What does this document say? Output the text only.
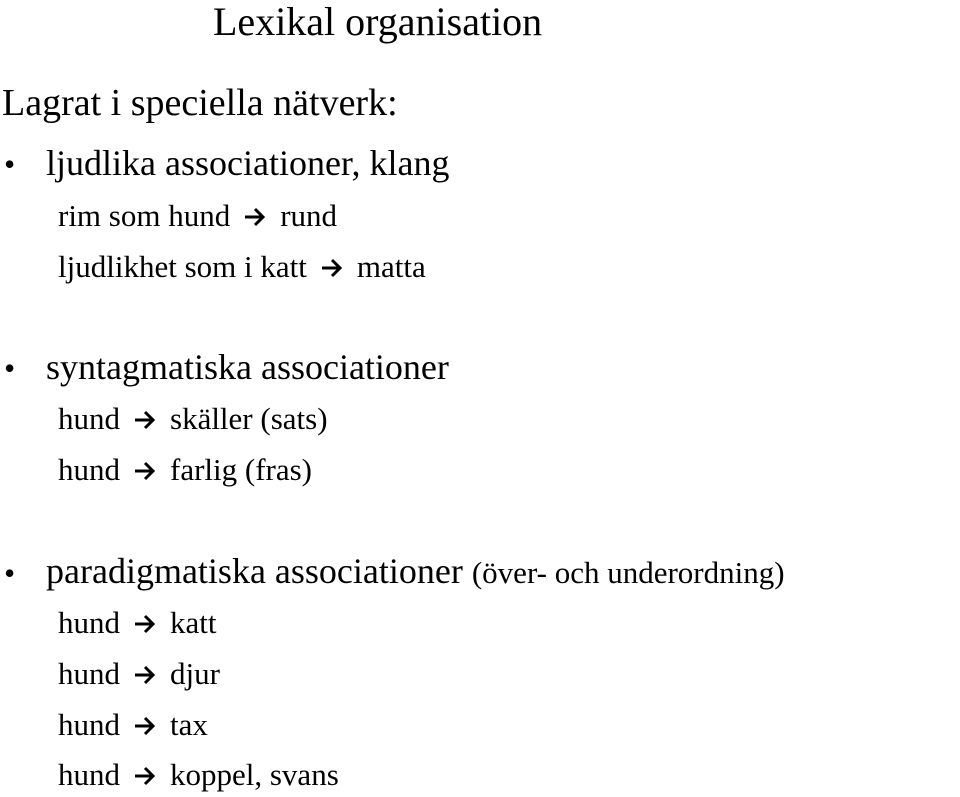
Lexikal organisation
Lagrat i speciella nätverk:
• ljudlika associationer, klang
rim som hund rund
ljudlikhet som i katt matta
• syntagmatiska associationer
hund skäller (sats)
hund farlig (fras)
• paradigmatiska associationer (över- och underordning)
hund katt
hund djur
hund tax
hund koppel, svans
